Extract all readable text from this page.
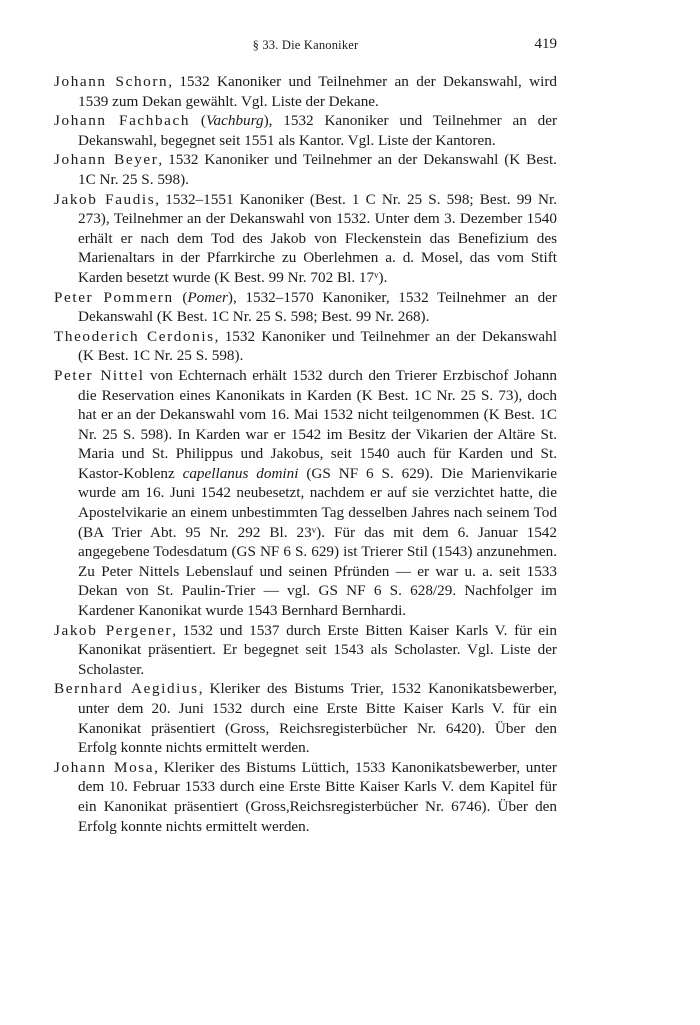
§ 33. Die Kanoniker	419

Johann Schorn, 1532 Kanoniker und Teilnehmer an der Dekanswahl, wird 1539 zum Dekan gewählt. Vgl. Liste der Dekane.

Johann Fachbach (Vachburg), 1532 Kanoniker und Teilnehmer an der Dekanswahl, begegnet seit 1551 als Kantor. Vgl. Liste der Kantoren.

Johann Beyer, 1532 Kanoniker und Teilnehmer an der Dekanswahl (K Best. 1C Nr. 25 S. 598).

Jakob Faudis, 1532–1551 Kanoniker (Best. 1 C Nr. 25 S. 598; Best. 99 Nr. 273), Teilnehmer an der Dekanswahl von 1532. Unter dem 3. Dezember 1540 erhält er nach dem Tod des Jakob von Fleckenstein das Benefizium des Marienaltars in der Pfarrkirche zu Oberlehmen a. d. Mosel, das vom Stift Karden besetzt wurde (K Best. 99 Nr. 702 Bl. 17ᵛ).

Peter Pommern (Pomer), 1532–1570 Kanoniker, 1532 Teilnehmer an der Dekanswahl (K Best. 1C Nr. 25 S. 598; Best. 99 Nr. 268).

Theoderich Cerdonis, 1532 Kanoniker und Teilnehmer an der Dekanswahl (K Best. 1C Nr. 25 S. 598).

Peter Nittel von Echternach erhält 1532 durch den Trierer Erzbischof Johann die Reservation eines Kanonikats in Karden (K Best. 1C Nr. 25 S. 73), doch hat er an der Dekanswahl vom 16. Mai 1532 nicht teilgenommen (K Best. 1C Nr. 25 S. 598). In Karden war er 1542 im Besitz der Vikarien der Altäre St. Maria und St. Philippus und Jakobus, seit 1540 auch für Karden und St. Kastor-Koblenz capellanus domini (GS NF 6 S. 629). Die Marienvikarie wurde am 16. Juni 1542 neubesetzt, nachdem er auf sie verzichtet hatte, die Apostelvikarie an einem unbestimmten Tag desselben Jahres nach seinem Tod (BA Trier Abt. 95 Nr. 292 Bl. 23ᵛ). Für das mit dem 6. Januar 1542 angegebene Todesdatum (GS NF 6 S. 629) ist Trierer Stil (1543) anzunehmen. Zu Peter Nittels Lebenslauf und seinen Pfründen — er war u. a. seit 1533 Dekan von St. Paulin-Trier — vgl. GS NF 6 S. 628/29. Nachfolger im Kardener Kanonikat wurde 1543 Bernhard Bernhardi.

Jakob Pergener, 1532 und 1537 durch Erste Bitten Kaiser Karls V. für ein Kanonikat präsentiert. Er begegnet seit 1543 als Scholaster. Vgl. Liste der Scholaster.

Bernhard Aegidius, Kleriker des Bistums Trier, 1532 Kanonikatsbewerber, unter dem 20. Juni 1532 durch eine Erste Bitte Kaiser Karls V. für ein Kanonikat präsentiert (Gross, Reichsregisterbücher Nr. 6420). Über den Erfolg konnte nichts ermittelt werden.

Johann Mosa, Kleriker des Bistums Lüttich, 1533 Kanonikatsbewerber, unter dem 10. Februar 1533 durch eine Erste Bitte Kaiser Karls V. dem Kapitel für ein Kanonikat präsentiert (Gross,Reichsregisterbücher Nr. 6746). Über den Erfolg konnte nichts ermittelt werden.
